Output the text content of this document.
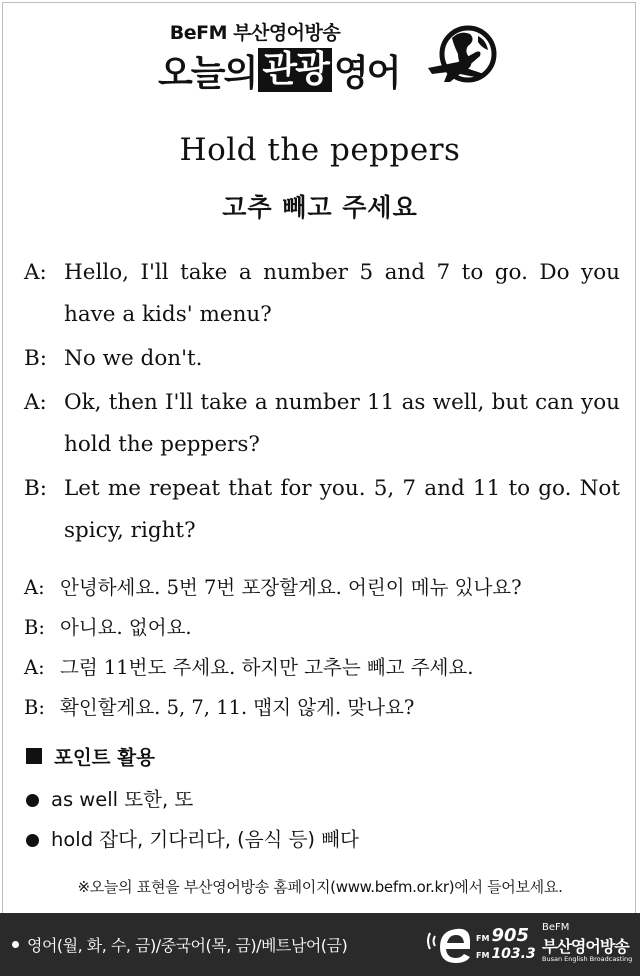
BeFM 부산영어방송
오늘의 관광 영어
Hold the peppers
고추 빼고 주세요
A: Hello, I'll take a number 5 and 7 to go. Do you have a kids' menu?
B: No we don't.
A: Ok, then I'll take a number 11 as well, but can you hold the peppers?
B: Let me repeat that for you. 5, 7 and 11 to go. Not spicy, right?
A: 안녕하세요. 5번 7번 포장할게요. 어린이 메뉴 있나요?
B: 아니요. 없어요.
A: 그럼 11번도 주세요. 하지만 고추는 빼고 주세요.
B: 확인할게요. 5, 7, 11. 맵지 않게. 맞나요?
포인트 활용
as well 또한, 또
hold 잡다, 기다리다, (음식 등) 빼다
※오늘의 표현을 부산영어방송 홈페이지(www.befm.or.kr)에서 들어보세요.
영어(월, 화, 수, 금)/중국어(목, 금)/베트남어(금)	FM 905
FM 103.3
BeFM
부산영어방송
Busan English Broadcasting
